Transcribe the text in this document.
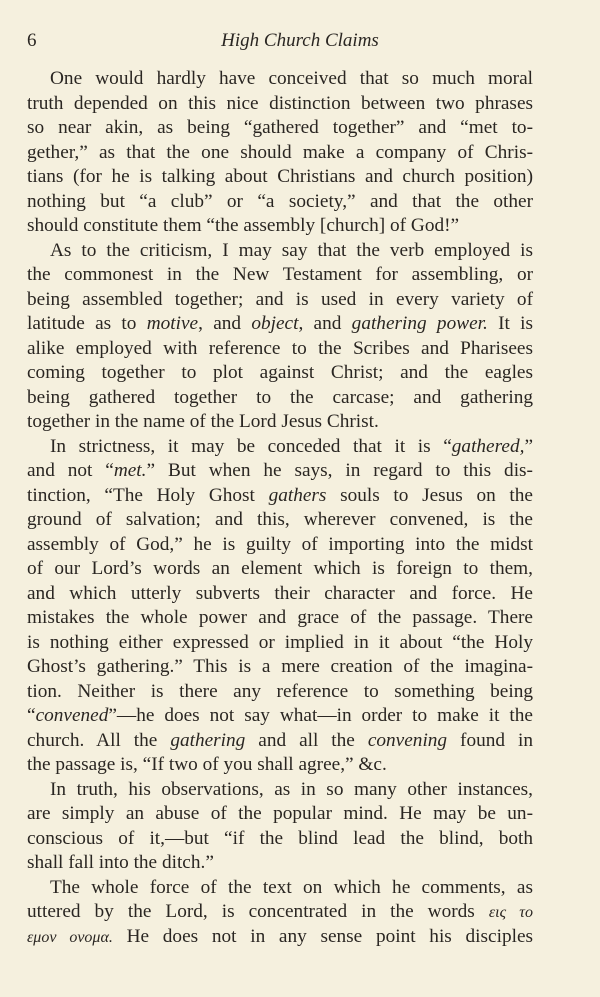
6	High Church Claims
One would hardly have conceived that so much moral
truth depended on this nice distinction between two phrases
so near akin, as being “gathered together” and “met to-
gether,” as that the one should make a company of Chris-
tians (for he is talking about Christians and church position)
nothing but “a club” or “a society,” and that the other
should constitute them “the assembly [church] of God!”
As to the criticism, I may say that the verb employed is
the commonest in the New Testament for assembling, or
being assembled together; and is used in every variety of
latitude as to motive, and object, and gathering power. It is
alike employed with reference to the Scribes and Pharisees
coming together to plot against Christ; and the eagles
being gathered together to the carcase; and gathering
together in the name of the Lord Jesus Christ.
In strictness, it may be conceded that it is “gathered,”
and not “met.” But when he says, in regard to this dis-
tinction, “The Holy Ghost gathers souls to Jesus on the
ground of salvation; and this, wherever convened, is the
assembly of God,” he is guilty of importing into the midst
of our Lord’s words an element which is foreign to them,
and which utterly subverts their character and force. He
mistakes the whole power and grace of the passage. There
is nothing either expressed or implied in it about “the Holy
Ghost’s gathering.” This is a mere creation of the imagina-
tion. Neither is there any reference to something being
“convened”—he does not say what—in order to make it the
church. All the gathering and all the convening found in
the passage is, “If two of you shall agree,” &c.
In truth, his observations, as in so many other instances,
are simply an abuse of the popular mind. He may be un-
conscious of it,—but “if the blind lead the blind, both
shall fall into the ditch.”
The whole force of the text on which he comments, as
uttered by the Lord, is concentrated in the words εις το
εμον ονομα. He does not in any sense point his disciples
